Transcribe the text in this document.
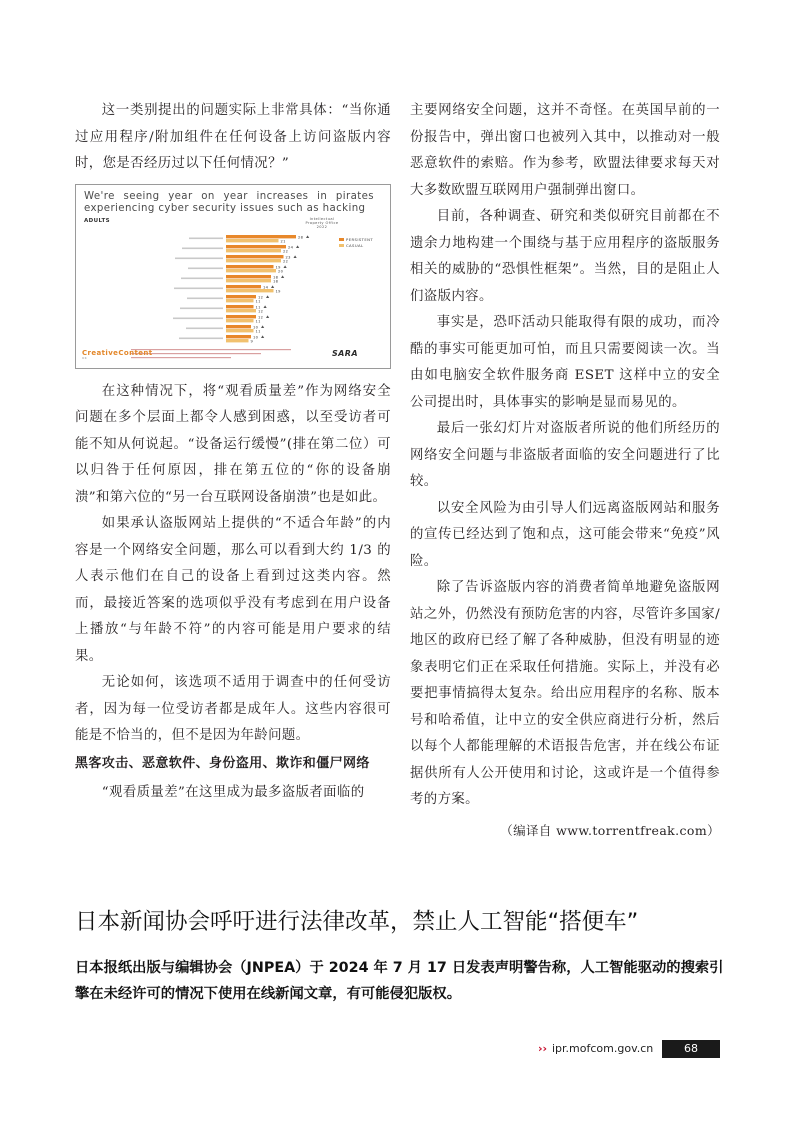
这一类别提出的问题实际上非常具体：“当你通过应用程序/附加组件在任何设备上访问盗版内容时，您是否经历过以下任何情况？”

We're seeing year on year increases in pirates experiencing cyber security issues such as hacking
ADULTS	Intellectual Property Office 2022
PERSISTENT
CASUAL
28
24
23
19
18
14
12
11
12
10
10
21
22
22
20
18
19
11
12
11
11
9
CreativeContent
UK	SARA

在这种情况下，将“观看质量差”作为网络安全问题在多个层面上都令人感到困惑，以至受访者可能不知从何说起。“设备运行缓慢”(排在第二位）可以归咎于任何原因，排在第五位的“你的设备崩溃”和第六位的“另一台互联网设备崩溃”也是如此。

如果承认盗版网站上提供的“不适合年龄”的内容是一个网络安全问题，那么可以看到大约 1/3 的人表示他们在自己的设备上看到过这类内容。然而，最接近答案的选项似乎没有考虑到在用户设备上播放“与年龄不符”的内容可能是用户要求的结果。

无论如何，该选项不适用于调查中的任何受访者，因为每一位受访者都是成年人。这些内容很可能是不恰当的，但不是因为年龄问题。

黑客攻击、恶意软件、身份盗用、欺诈和僵尸网络

“观看质量差”在这里成为最多盗版者面临的

主要网络安全问题，这并不奇怪。在英国早前的一份报告中，弹出窗口也被列入其中，以推动对一般恶意软件的索赔。作为参考，欧盟法律要求每天对大多数欧盟互联网用户强制弹出窗口。

目前，各种调查、研究和类似研究目前都在不遗余力地构建一个围绕与基于应用程序的盗版服务相关的威胁的“恐惧性框架”。当然，目的是阻止人们盗版内容。

事实是，恐吓活动只能取得有限的成功，而冷酷的事实可能更加可怕，而且只需要阅读一次。当由如电脑安全软件服务商 ESET 这样中立的安全公司提出时，具体事实的影响是显而易见的。

最后一张幻灯片对盗版者所说的他们所经历的网络安全问题与非盗版者面临的安全问题进行了比较。

以安全风险为由引导人们远离盗版网站和服务的宣传已经达到了饱和点，这可能会带来“免疫”风险。

除了告诉盗版内容的消费者简单地避免盗版网站之外，仍然没有预防危害的内容，尽管许多国家/地区的政府已经了解了各种威胁，但没有明显的迹象表明它们正在采取任何措施。实际上，并没有必要把事情搞得太复杂。给出应用程序的名称、版本号和哈希值，让中立的安全供应商进行分析，然后以每个人都能理解的术语报告危害，并在线公布证据供所有人公开使用和讨论，这或许是一个值得参考的方案。

（编译自 www.torrentfreak.com）

日本新闻协会呼吁进行法律改革，禁止人工智能“搭便车”

日本报纸出版与编辑协会（JNPEA）于 2024 年 7 月 17 日发表声明警告称，人工智能驱动的搜索引擎在未经许可的情况下使用在线新闻文章，有可能侵犯版权。

›› ipr.mofcom.gov.cn	68
